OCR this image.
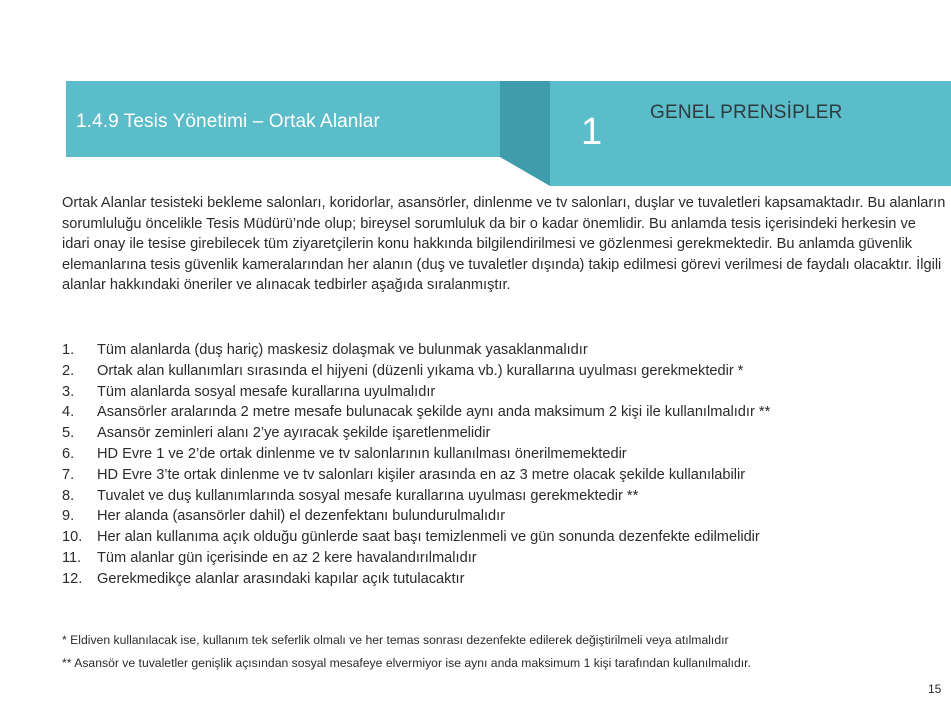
1.4.9 Tesis Yönetimi – Ortak Alanlar	1	GENEL PRENSİPLER

Ortak Alanlar tesisteki bekleme salonları, koridorlar, asansörler, dinlenme ve tv salonları, duşlar ve tuvaletleri kapsamaktadır. Bu alanların sorumluluğu öncelikle Tesis Müdürü’nde olup; bireysel sorumluluk da bir o kadar önemlidir. Bu anlamda tesis içerisindeki herkesin ve idari onay ile tesise girebilecek tüm ziyaretçilerin konu hakkında bilgilendirilmesi ve gözlenmesi gerekmektedir. Bu anlamda güvenlik elemanlarına tesis güvenlik kameralarından her alanın (duş ve tuvaletler dışında) takip edilmesi görevi verilmesi de faydalı olacaktır. İlgili alanlar hakkındaki öneriler ve alınacak tedbirler aşağıda sıralanmıştır.

1.	Tüm alanlarda (duş hariç) maskesiz dolaşmak ve bulunmak yasaklanmalıdır
2.	Ortak alan kullanımları sırasında el hijyeni (düzenli yıkama vb.) kurallarına uyulması gerekmektedir *
3.	Tüm alanlarda sosyal mesafe kurallarına uyulmalıdır
4.	Asansörler aralarında 2 metre mesafe bulunacak şekilde aynı anda maksimum 2 kişi ile kullanılmalıdır **
5.	Asansör zeminleri alanı 2’ye ayıracak şekilde işaretlenmelidir
6.	HD Evre 1 ve 2’de ortak dinlenme ve tv salonlarının kullanılması önerilmemektedir
7.	HD Evre 3’te ortak dinlenme ve tv salonları kişiler arasında en az 3 metre olacak şekilde kullanılabilir
8.	Tuvalet ve duş kullanımlarında sosyal mesafe kurallarına uyulması gerekmektedir **
9.	Her alanda (asansörler dahil) el dezenfektanı bulundurulmalıdır
10.	Her alan kullanıma açık olduğu günlerde saat başı temizlenmeli ve gün sonunda dezenfekte edilmelidir
11.	Tüm alanlar gün içerisinde en az 2 kere havalandırılmalıdır
12.	Gerekmedikçe alanlar arasındaki kapılar açık tutulacaktır
* Eldiven kullanılacak ise, kullanım tek seferlik olmalı ve her temas sonrası dezenfekte edilerek değiştirilmeli veya atılmalıdır
** Asansör ve tuvaletler genişlik açısından sosyal mesafeye elvermiyor ise aynı anda maksimum 1 kişi tarafından kullanılmalıdır.
15
